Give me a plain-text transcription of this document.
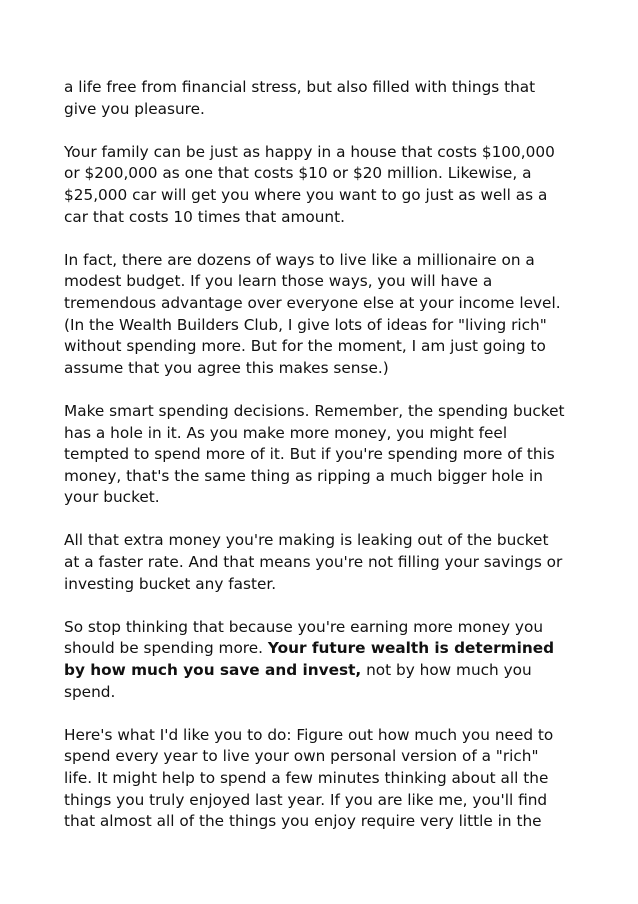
a life free from financial stress, but also filled with things that
give you pleasure.

Your family can be just as happy in a house that costs $100,000
or $200,000 as one that costs $10 or $20 million. Likewise, a
$25,000 car will get you where you want to go just as well as a
car that costs 10 times that amount.

In fact, there are dozens of ways to live like a millionaire on a
modest budget. If you learn those ways, you will have a
tremendous advantage over everyone else at your income level.
(In the Wealth Builders Club, I give lots of ideas for "living rich"
without spending more. But for the moment, I am just going to
assume that you agree this makes sense.)

Make smart spending decisions. Remember, the spending bucket
has a hole in it. As you make more money, you might feel
tempted to spend more of it. But if you're spending more of this
money, that's the same thing as ripping a much bigger hole in
your bucket.

All that extra money you're making is leaking out of the bucket
at a faster rate. And that means you're not filling your savings or
investing bucket any faster.

So stop thinking that because you're earning more money you
should be spending more. Your future wealth is determined
by how much you save and invest, not by how much you
spend.

Here's what I'd like you to do: Figure out how much you need to
spend every year to live your own personal version of a "rich"
life. It might help to spend a few minutes thinking about all the
things you truly enjoyed last year. If you are like me, you'll find
that almost all of the things you enjoy require very little in the
